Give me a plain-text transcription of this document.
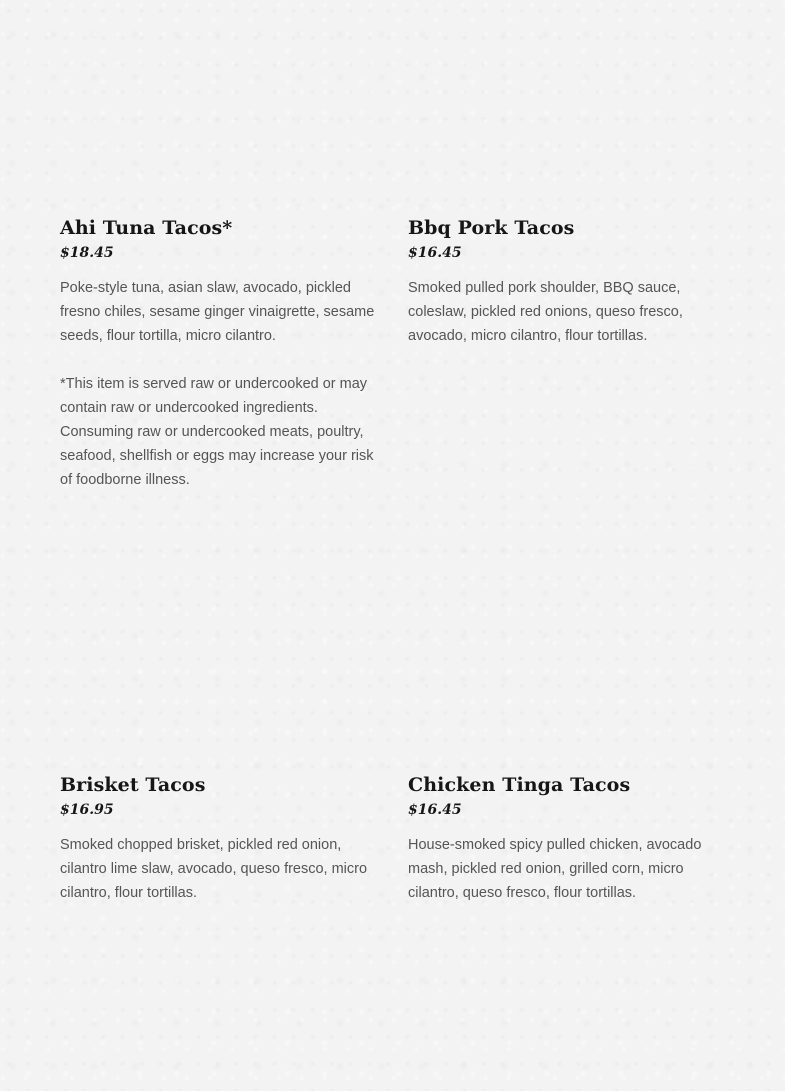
Ahi Tuna Tacos*

$18.45

Poke-style tuna, asian slaw, avocado, pickled fresno chiles, sesame ginger vinaigrette, sesame seeds, flour tortilla, micro cilantro.

*This item is served raw or undercooked or may contain raw or undercooked ingredients. Consuming raw or undercooked meats, poultry, seafood, shellfish or eggs may increase your risk of foodborne illness.

Bbq Pork Tacos

$16.45

Smoked pulled pork shoulder, BBQ sauce, coleslaw, pickled red onions, queso fresco, avocado, micro cilantro, flour tortillas.

Brisket Tacos

$16.95

Smoked chopped brisket, pickled red onion, cilantro lime slaw, avocado, queso fresco, micro cilantro, flour tortillas.

Chicken Tinga Tacos

$16.45

House-smoked spicy pulled chicken, avocado mash, pickled red onion, grilled corn, micro cilantro, queso fresco, flour tortillas.
